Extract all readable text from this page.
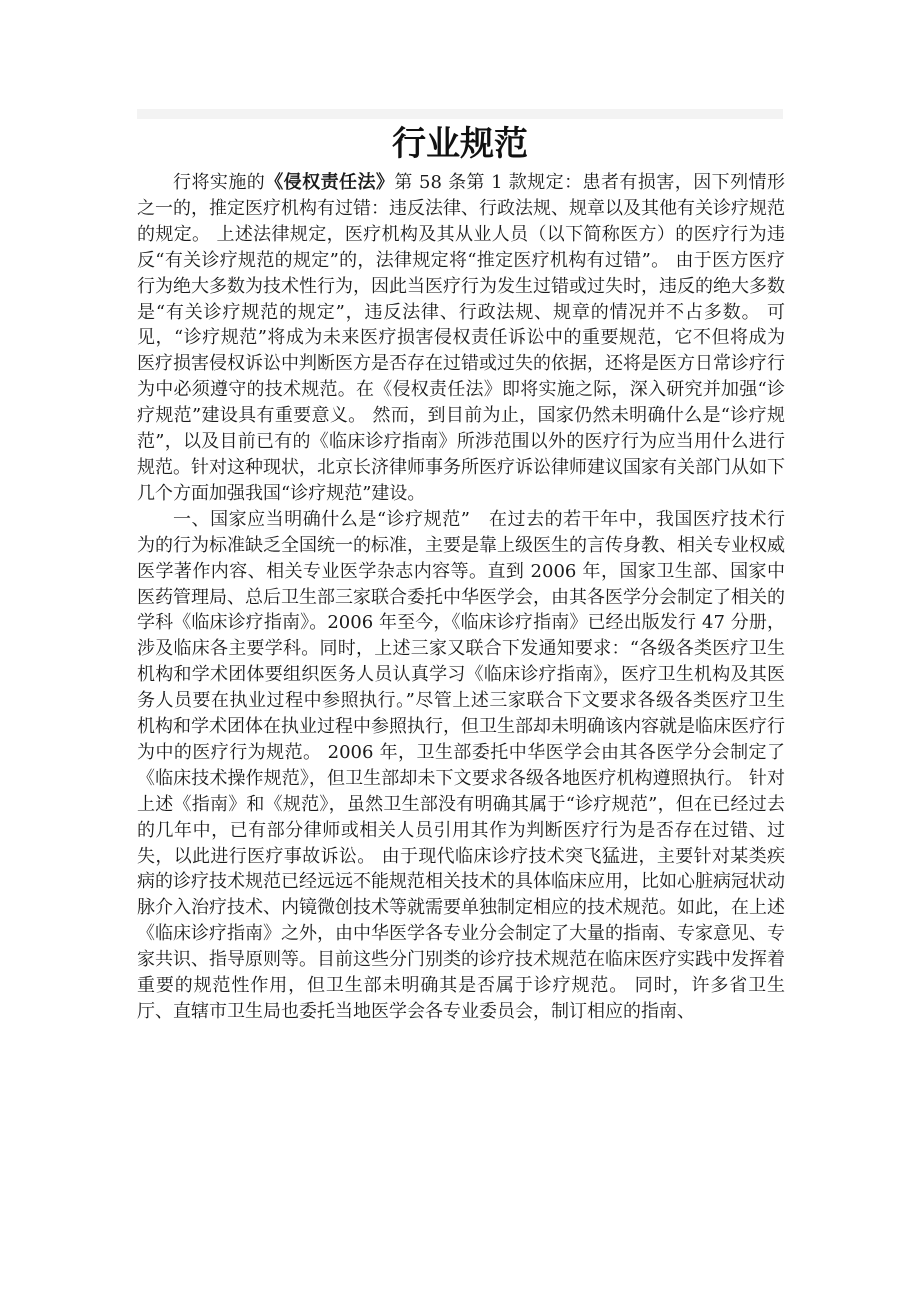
行业规范

行将实施的《侵权责任法》第 58 条第 1 款规定：患者有损害，因下列情形之一的，推定医疗机构有过错：违反法律、行政法规、规章以及其他有关诊疗规范的规定。 上述法律规定，医疗机构及其从业人员（以下简称医方）的医疗行为违反“有关诊疗规范的规定”的，法律规定将“推定医疗机构有过错”。 由于医方医疗行为绝大多数为技术性行为，因此当医疗行为发生过错或过失时，违反的绝大多数是“有关诊疗规范的规定”，违反法律、行政法规、规章的情况并不占多数。 可见，“诊疗规范”将成为未来医疗损害侵权责任诉讼中的重要规范，它不但将成为医疗损害侵权诉讼中判断医方是否存在过错或过失的依据，还将是医方日常诊疗行为中必须遵守的技术规范。在《侵权责任法》即将实施之际，深入研究并加强“诊疗规范”建设具有重要意义。 然而，到目前为止，国家仍然未明确什么是“诊疗规范”，以及目前已有的《临床诊疗指南》所涉范围以外的医疗行为应当用什么进行规范。针对这种现状，北京长济律师事务所医疗诉讼律师建议国家有关部门从如下几个方面加强我国“诊疗规范”建设。

一、国家应当明确什么是“诊疗规范”　在过去的若干年中，我国医疗技术行为的行为标准缺乏全国统一的标准，主要是靠上级医生的言传身教、相关专业权威医学著作内容、相关专业医学杂志内容等。直到 2006 年，国家卫生部、国家中医药管理局、总后卫生部三家联合委托中华医学会，由其各医学分会制定了相关的学科《临床诊疗指南》。2006 年至今，《临床诊疗指南》已经出版发行 47 分册，涉及临床各主要学科。同时，上述三家又联合下发通知要求：“各级各类医疗卫生机构和学术团体要组织医务人员认真学习《临床诊疗指南》，医疗卫生机构及其医务人员要在执业过程中参照执行。”尽管上述三家联合下文要求各级各类医疗卫生机构和学术团体在执业过程中参照执行，但卫生部却未明确该内容就是临床医疗行为中的医疗行为规范。 2006 年，卫生部委托中华医学会由其各医学分会制定了《临床技术操作规范》，但卫生部却未下文要求各级各地医疗机构遵照执行。 针对上述《指南》和《规范》，虽然卫生部没有明确其属于“诊疗规范”，但在已经过去的几年中，已有部分律师或相关人员引用其作为判断医疗行为是否存在过错、过失，以此进行医疗事故诉讼。 由于现代临床诊疗技术突飞猛进，主要针对某类疾病的诊疗技术规范已经远远不能规范相关技术的具体临床应用，比如心脏病冠状动脉介入治疗技术、内镜微创技术等就需要单独制定相应的技术规范。如此，在上述《临床诊疗指南》之外，由中华医学各专业分会制定了大量的指南、专家意见、专家共识、指导原则等。目前这些分门别类的诊疗技术规范在临床医疗实践中发挥着重要的规范性作用，但卫生部未明确其是否属于诊疗规范。 同时，许多省卫生厅、直辖市卫生局也委托当地医学会各专业委员会，制订相应的指南、
